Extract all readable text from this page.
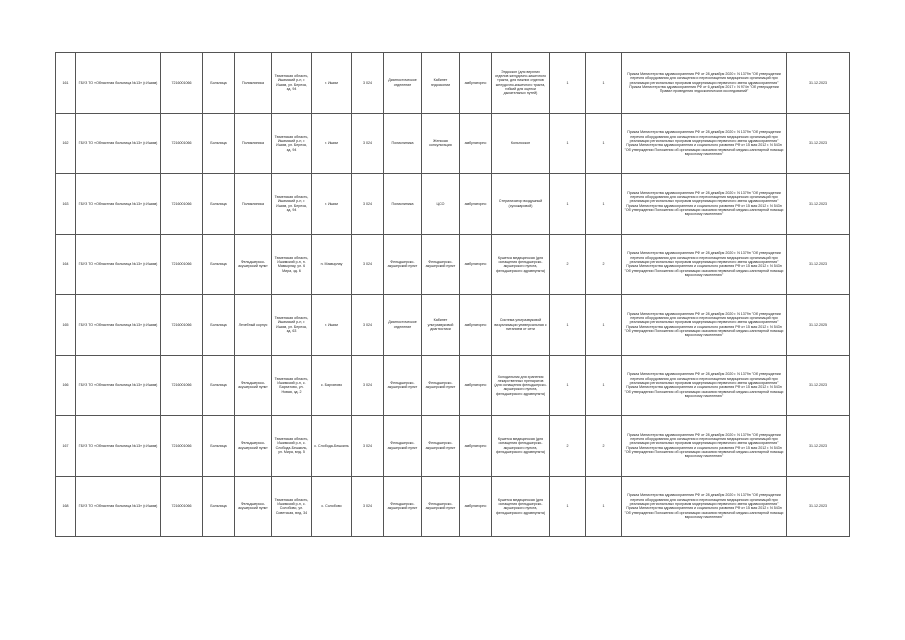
161	ГБУЗ ТО «Областная больница №13» (г.Ишим)	7216001066	Больница	Поликлиника	Тюменская область, Ишимский р-н, г. Ишим, ул. Береза, зд. 94	г. Ишим	3 024	Диагностическое отделение	Кабинет эндоскопии	амбулаторно	Эндоскоп (для верхних отделов желудочно-кишечного тракта, для нижних отделов желудочно-кишечного тракта, гибкий для оценки дыхательных путей)	1	1	Приказ Министерства здравоохранения РФ от 28 декабря 2020 г. N 1379н "Об утверждении перечня оборудования для оснащения и переоснащения медицинских организаций при реализации региональных программ модернизации первичного звена здравоохранения" Приказ Министерства здравоохранения РФ от 6 декабря 2017 г. N 974н "Об утверждении Правил проведения эндоскопических исследований"	31.12.2023
162	ГБУЗ ТО «Областная больница №13» (г.Ишим)	7216001066	Больница	Поликлиника	Тюменская область, Ишимский р-н, г. Ишим, ул. Береза, зд. 94	г. Ишим	3 024	Поликлиника	Женская консультация	амбулаторно	Кольпоскоп	1	1	Приказ Министерства здравоохранения РФ от 28 декабря 2020 г. N 1379н "Об утверждении перечня оборудования для оснащения и переоснащения медицинских организаций при реализации региональных программ модернизации первичного звена здравоохранения" Приказ Министерства здравоохранения и социального развития РФ от 15 мая 2012 г. N 543н "Об утверждении Положения об организации оказания первичной медико-санитарной помощи взрослому населению"	31.12.2023
163	ГБУЗ ТО «Областная больница №13» (г.Ишим)	7216001066	Больница	Поликлиника	Тюменская область, Ишимский р-н, г. Ишим, ул. Береза, зд. 94	г. Ишим	3 024	Поликлиника	ЦСО	амбулаторно	Стерилизатор воздушный (сухожаровой)	1	1	Приказ Министерства здравоохранения РФ от 28 декабря 2020 г. N 1379н "Об утверждении перечня оборудования для оснащения и переоснащения медицинских организаций при реализации региональных программ модернизации первичного звена здравоохранения" Приказ Министерства здравоохранения и социального развития РФ от 15 мая 2012 г. N 543н "Об утверждении Положения об организации оказания первичной медико-санитарной помощи взрослому населению"	31.12.2023
164	ГБУЗ ТО «Областная больница №13» (г.Ишим)	7216001066	Больница	Фельдшерско-акушерский пункт	Тюменская область, Ишимский р-н, п. Мамырлау, ул. 6 Мира, зд. 6	п. Мамырлау	3 024	Фельдшерско-акушерский пункт	Фельдшерско-акушерский пункт	амбулаторно	Кушетка медицинская (для оснащения фельдшерско-акушерского пункта, фельдшерского здравпункта)	2	2	Приказ Министерства здравоохранения РФ от 28 декабря 2020 г. N 1379н "Об утверждении перечня оборудования для оснащения и переоснащения медицинских организаций при реализации региональных программ модернизации первичного звена здравоохранения" Приказ Министерства здравоохранения и социального развития РФ от 15 мая 2012 г. N 543н "Об утверждении Положения об организации оказания первичной медико-санитарной помощи взрослому населению"	31.12.2023
165	ГБУЗ ТО «Областная больница №13» (г.Ишим)	7216001066	Больница	Лечебный корпус	Тюменская область, Ишимский р-н, г. Ишим, ул. Береза, зд. 63	г. Ишим	3 024	Диагностическое отделение	Кабинет ультразвуковой диагностики	амбулаторно	Система ультразвуковой визуализации универсальная с питанием от сети	1	1	Приказ Министерства здравоохранения РФ от 28 декабря 2020 г. N 1379н "Об утверждении перечня оборудования для оснащения и переоснащения медицинских организаций при реализации региональных программ модернизации первичного звена здравоохранения" Приказ Министерства здравоохранения и социального развития РФ от 15 мая 2012 г. N 543н "Об утверждении Положения об организации оказания первичной медико-санитарной помощи взрослому населению"	31.12.2025
166	ГБУЗ ТО «Областная больница №13» (г.Ишим)	7216001066	Больница	Фельдшерско-акушерский пункт	Тюменская область, Ишимский р-н, с. Бархатово, ул. Новая, зд. 2	с. Бархатово	3 024	Фельдшерско-акушерский пункт	Фельдшерско-акушерский пункт	амбулаторно	Холодильник для хранения лекарственных препаратов (для оснащения фельдшерско-акушерского пункта, фельдшерского здравпункта)	1	1	Приказ Министерства здравоохранения РФ от 28 декабря 2020 г. N 1379н "Об утверждении перечня оборудования для оснащения и переоснащения медицинских организаций при реализации региональных программ модернизации первичного звена здравоохранения" Приказ Министерства здравоохранения и социального развития РФ от 15 мая 2012 г. N 543н "Об утверждении Положения об организации оказания первичной медико-санитарной помощи взрослому населению"	31.12.2023
167	ГБУЗ ТО «Областная больница №13» (г.Ишим)	7216001066	Больница	Фельдшерско-акушерский пункт	Тюменская область, Ишимский р-н, с. Слобода-Бешкиль, ул. Мира, влд. 5	с. Слобода-Бешкиль	3 024	Фельдшерско-акушерский пункт	Фельдшерско-акушерский пункт	амбулаторно	Кушетка медицинская (для оснащения фельдшерско-акушерского пункта, фельдшерского здравпункта)	2	2	Приказ Министерства здравоохранения РФ от 28 декабря 2020 г. N 1379н "Об утверждении перечня оборудования для оснащения и переоснащения медицинских организаций при реализации региональных программ модернизации первичного звена здравоохранения" Приказ Министерства здравоохранения и социального развития РФ от 15 мая 2012 г. N 543н "Об утверждении Положения об организации оказания первичной медико-санитарной помощи взрослому населению"	31.12.2023
168	ГБУЗ ТО «Областная больница №13» (г.Ишим)	7216001066	Больница	Фельдшерско-акушерский пункт	Тюменская область, Ишимский р-н, с. Солобово, ул. Советская, влд. 34	с. Солобово	3 024	Фельдшерско-акушерский пункт	Фельдшерско-акушерский пункт	амбулаторно	Кушетка медицинская (для оснащения фельдшерско-акушерского пункта, фельдшерского здравпункта)	1	1	Приказ Министерства здравоохранения РФ от 28 декабря 2020 г. N 1379н "Об утверждении перечня оборудования для оснащения и переоснащения медицинских организаций при реализации региональных программ модернизации первичного звена здравоохранения" Приказ Министерства здравоохранения и социального развития РФ от 15 мая 2012 г. N 543н "Об утверждении Положения об организации оказания первичной медико-санитарной помощи взрослому населению"	31.12.2023
